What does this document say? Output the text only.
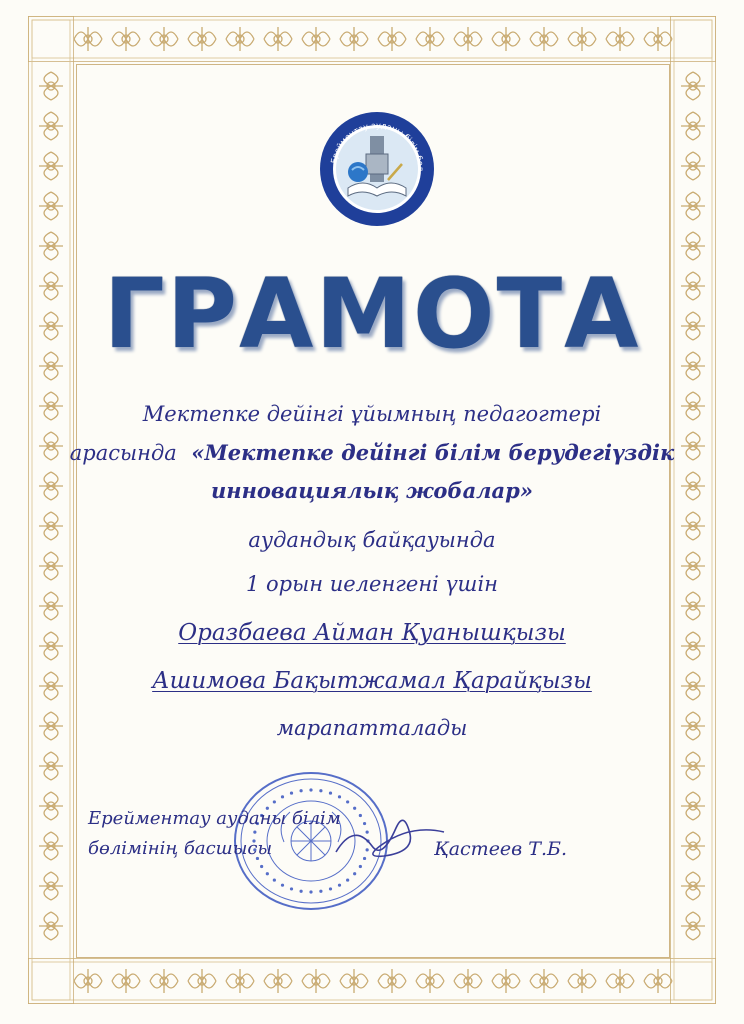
Ерейментау ауданы білім бөл
ГРАМОТА
Мектепке дейінгі ұйымның педагогтері
арасында «Мектепке дейінгі білім берудегіүздік
инновациялық жобалар»
аудандық байқауында
1 орын иеленгені үшін
Оразбаева Айман Қуанышқызы
Ашимова Бақытжамал Қарайқызы
марапатталады
Ерейментау ауданы білім
бөлімінің басшысы	Қастеев Т.Б.
